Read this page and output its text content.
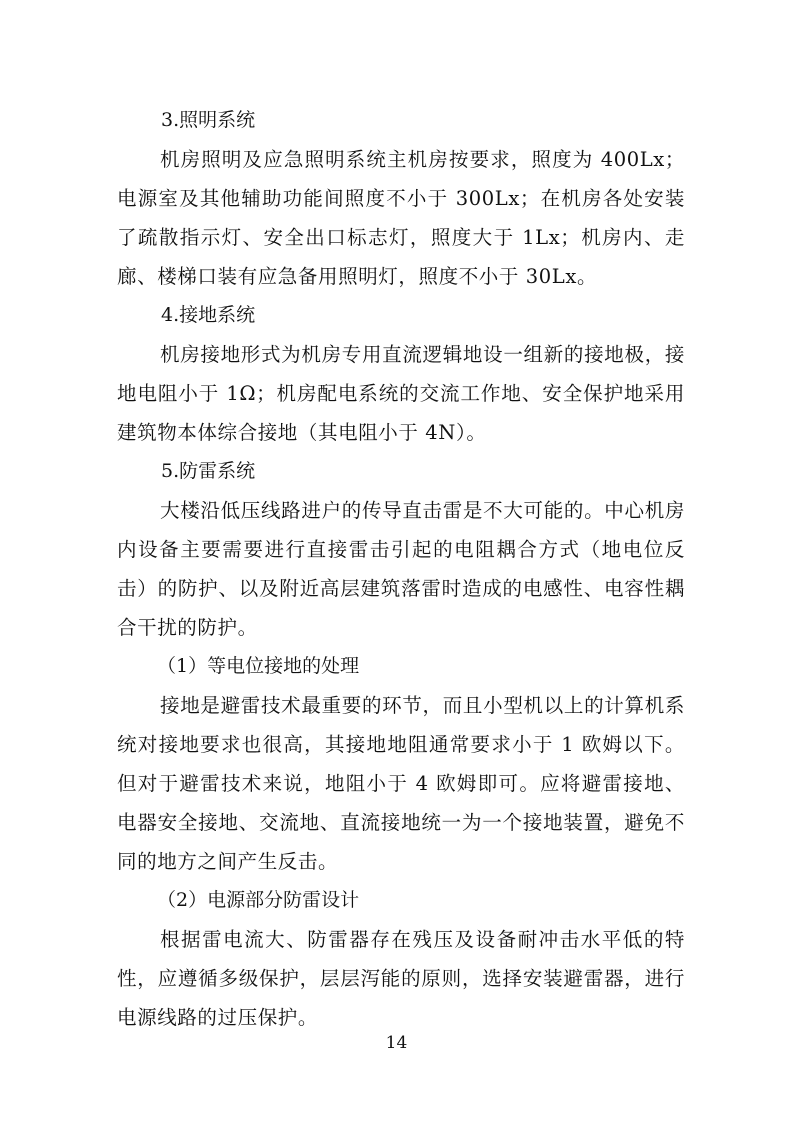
3.照明系统

机房照明及应急照明系统主机房按要求，照度为 400Lx；电源室及其他辅助功能间照度不小于 300Lx；在机房各处安装了疏散指示灯、安全出口标志灯，照度大于 1Lx；机房内、走廊、楼梯口装有应急备用照明灯，照度不小于 30Lx。

4.接地系统

机房接地形式为机房专用直流逻辑地设一组新的接地极，接地电阻小于 1Ω；机房配电系统的交流工作地、安全保护地采用建筑物本体综合接地（其电阻小于 4N）。

5.防雷系统

大楼沿低压线路进户的传导直击雷是不大可能的。中心机房内设备主要需要进行直接雷击引起的电阻耦合方式（地电位反击）的防护、以及附近高层建筑落雷时造成的电感性、电容性耦合干扰的防护。

（1）等电位接地的处理

接地是避雷技术最重要的环节，而且小型机以上的计算机系统对接地要求也很高，其接地地阻通常要求小于 1 欧姆以下。但对于避雷技术来说，地阻小于 4 欧姆即可。应将避雷接地、电器安全接地、交流地、直流接地统一为一个接地装置，避免不同的地方之间产生反击。

（2）电源部分防雷设计

根据雷电流大、防雷器存在残压及设备耐冲击水平低的特性，应遵循多级保护，层层泻能的原则，选择安装避雷器，进行电源线路的过压保护。

14
